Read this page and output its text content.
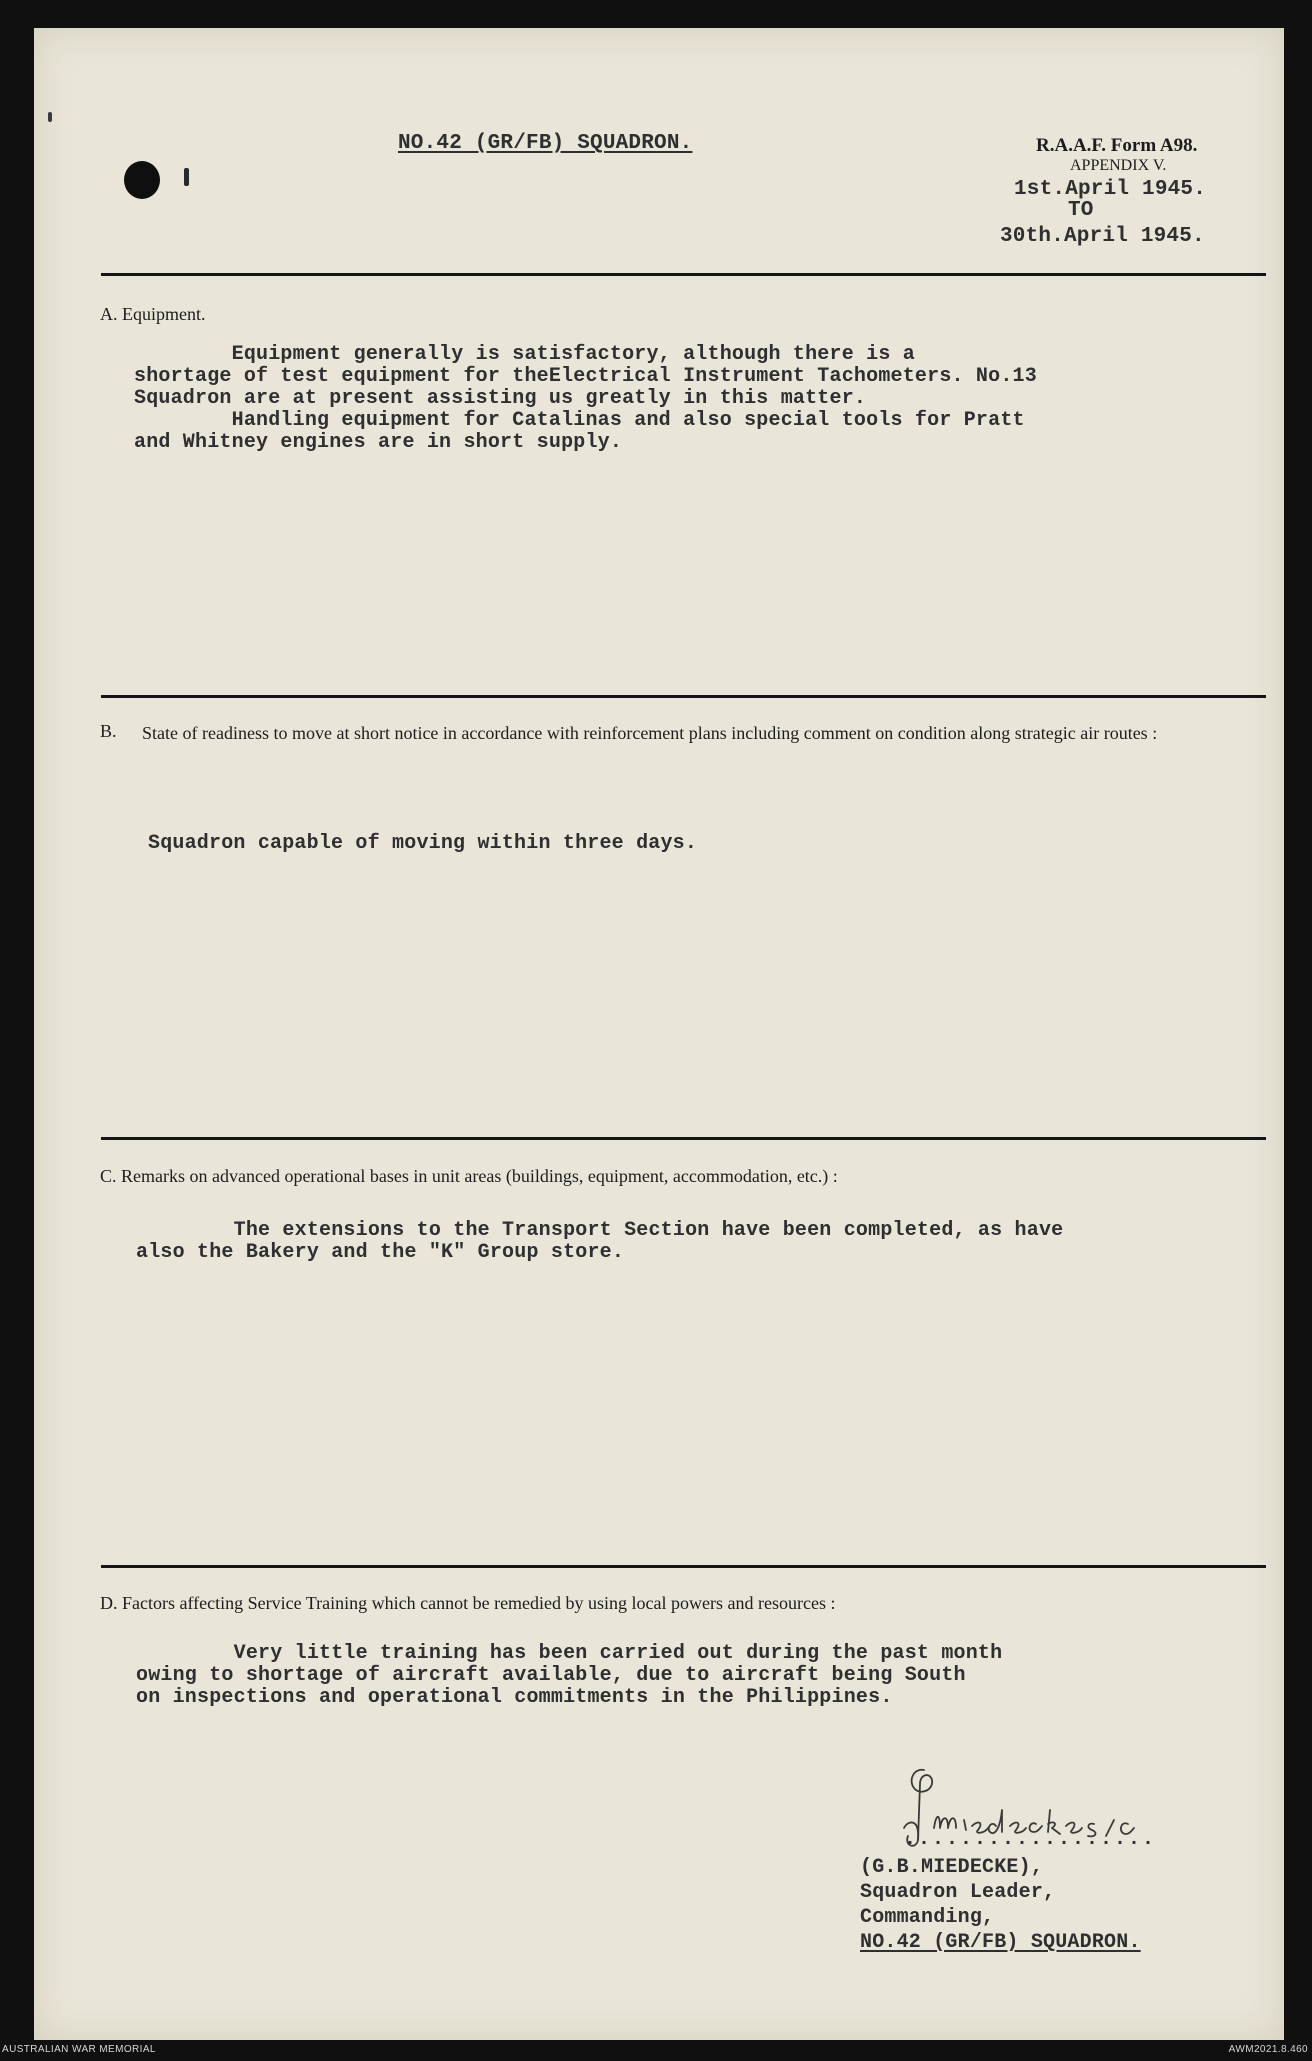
NO.42 (GR/FB) SQUADRON.	R.A.A.F. Form A98.

APPENDIX V.

1st.April 1945.

TO

30th.April 1945.

A. Equipment.

Equipment generally is satisfactory, although there is a

shortage of test equipment for theElectrical Instrument Tachometers. No.13

Squadron are at present assisting us greatly in this matter.

Handling equipment for Catalinas and also special tools for Pratt

and Whitney engines are in short supply.

B. State of readiness to move at short notice in accordance with reinforcement plans including comment on condition along strategic air routes :

Squadron capable of moving within three days.

C. Remarks on advanced operational bases in unit areas (buildings, equipment, accommodation, etc.) :

The extensions to the Transport Section have been completed, as have

also the Bakery and the "K" Group store.

D. Factors affecting Service Training which cannot be remedied by using local powers and resources :

Very little training has been carried out during the past month

owing to shortage of aircraft available, due to aircraft being South

on inspections and operational commitments in the Philippines.

..................

(G.B.MIEDECKE),

Squadron Leader,

Commanding,

NO.42 (GR/FB) SQUADRON.

AUSTRALIAN WAR MEMORIAL	AWM2021.8.460
